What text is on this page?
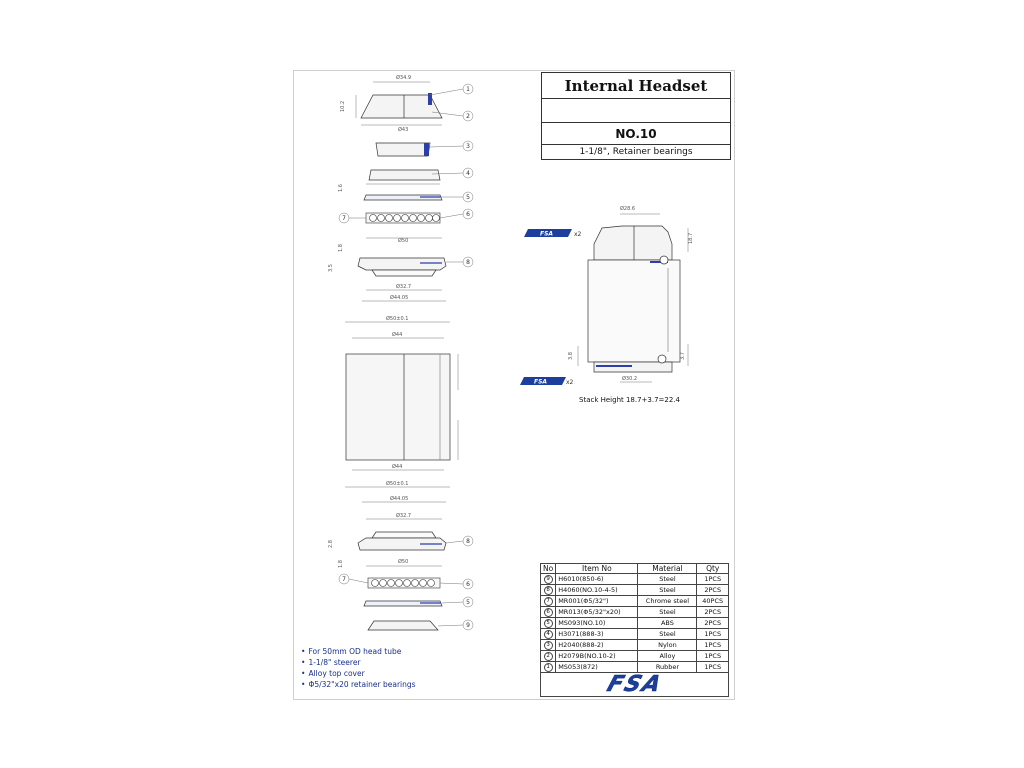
Ø34.9
Ø43
10.2
1.6
Ø50
Ø32.7
Ø44.05
1.8
3.5
Ø50±0.1
Ø44
Ø44
Ø50±0.1
Ø44.05
Ø32.7
Ø50
2.8
1.8
1
2
3
4
5
6
7
8
8
6
7
5
9
Ø28.6
18.7
3.8	3.7
Ø30.2
FSA	x2
FSA	x2
Internal Headset
NO.10
1-1/8", Retainer bearings
Stack Height 18.7+3.7=22.4
No	Item No	Material	Qty
9	H6010(850-6)	Steel	1PCS
8	H4060(NO.10-4-5)	Steel	2PCS
7	MR001(Φ5/32")	Chrome steel	40PCS
6	MR013(Φ5/32"x20)	Steel	2PCS
5	MS093(NO.10)	ABS	2PCS
4	H3071(888-3)	Steel	1PCS
3	H2040(888-2)	Nylon	1PCS
2	H2079B(NO.10-2)	Alloy	1PCS
1	MS053(872)	Rubber	1PCS
FSA
• For 50mm OD head tube
• 1-1/8" steerer
• Alloy top cover
• Φ5/32"x20 retainer bearings
